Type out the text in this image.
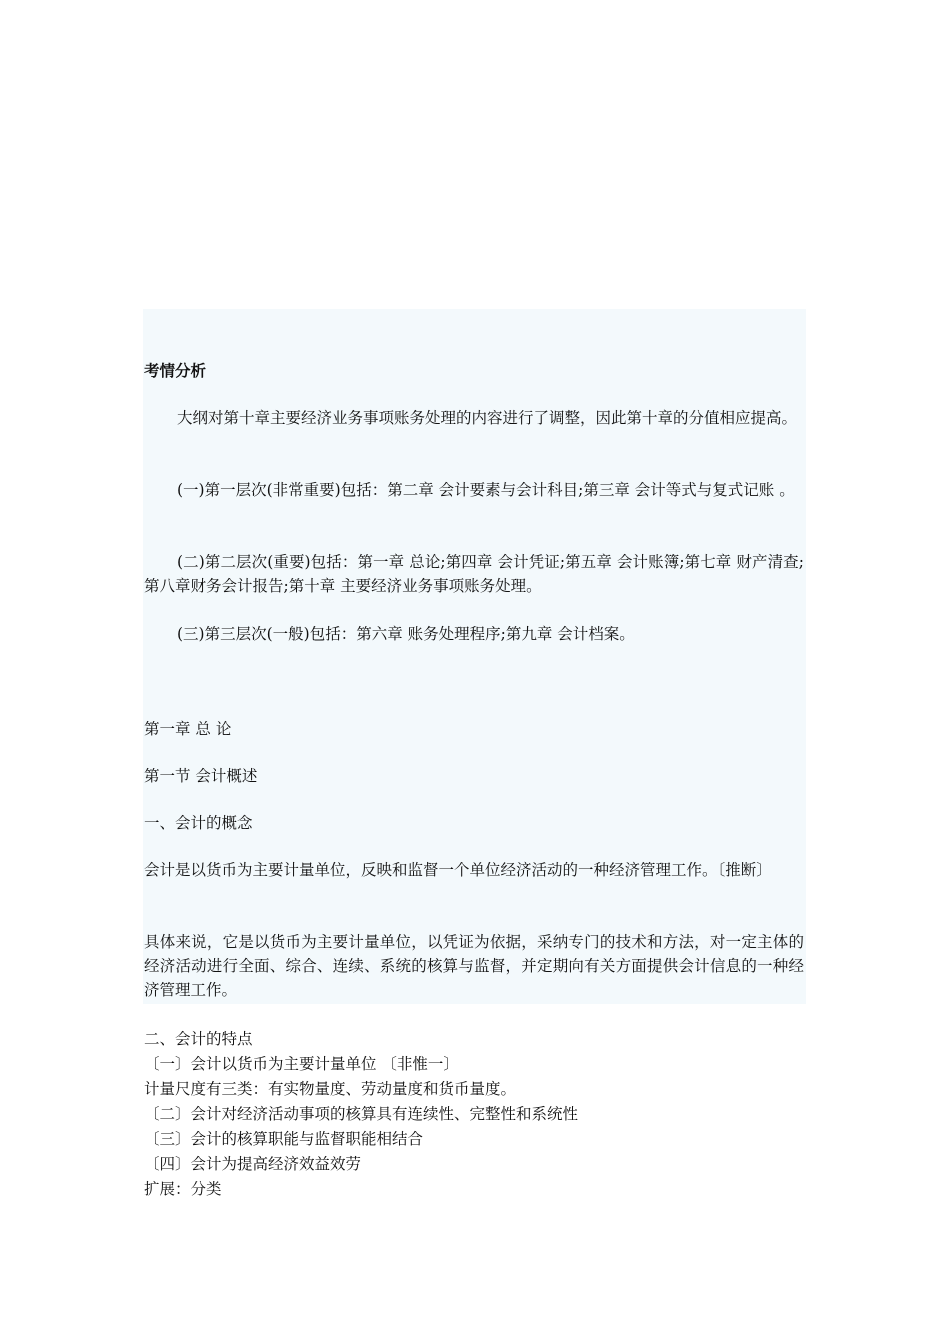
考情分析

大纲对第十章主要经济业务事项账务处理的内容进行了调整，因此第十章的分值相应提高。

(一)第一层次(非常重要)包括：第二章 会计要素与会计科目;第三章 会计等式与复式记账 。

(二)第二层次(重要)包括：第一章 总论;第四章 会计凭证;第五章 会计账簿;第七章 财产清查;第八章财务会计报告;第十章 主要经济业务事项账务处理。

(三)第三层次(一般)包括：第六章 账务处理程序;第九章 会计档案。
第一章 总 论
第一节 会计概述
一、会计的概念

会计是以货币为主要计量单位，反映和监督一个单位经济活动的一种经济管理工作。〔推断〕

具体来说，它是以货币为主要计量单位，以凭证为依据，采纳专门的技术和方法，对一定主体的经济活动进行全面、综合、连续、系统的核算与监督，并定期向有关方面提供会计信息的一种经济管理工作。

二、会计的特点
〔一〕会计以货币为主要计量单位 〔非惟一〕
计量尺度有三类：有实物量度、劳动量度和货币量度。
〔二〕会计对经济活动事项的核算具有连续性、完整性和系统性
〔三〕会计的核算职能与监督职能相结合
〔四〕会计为提高经济效益效劳
扩展：分类
